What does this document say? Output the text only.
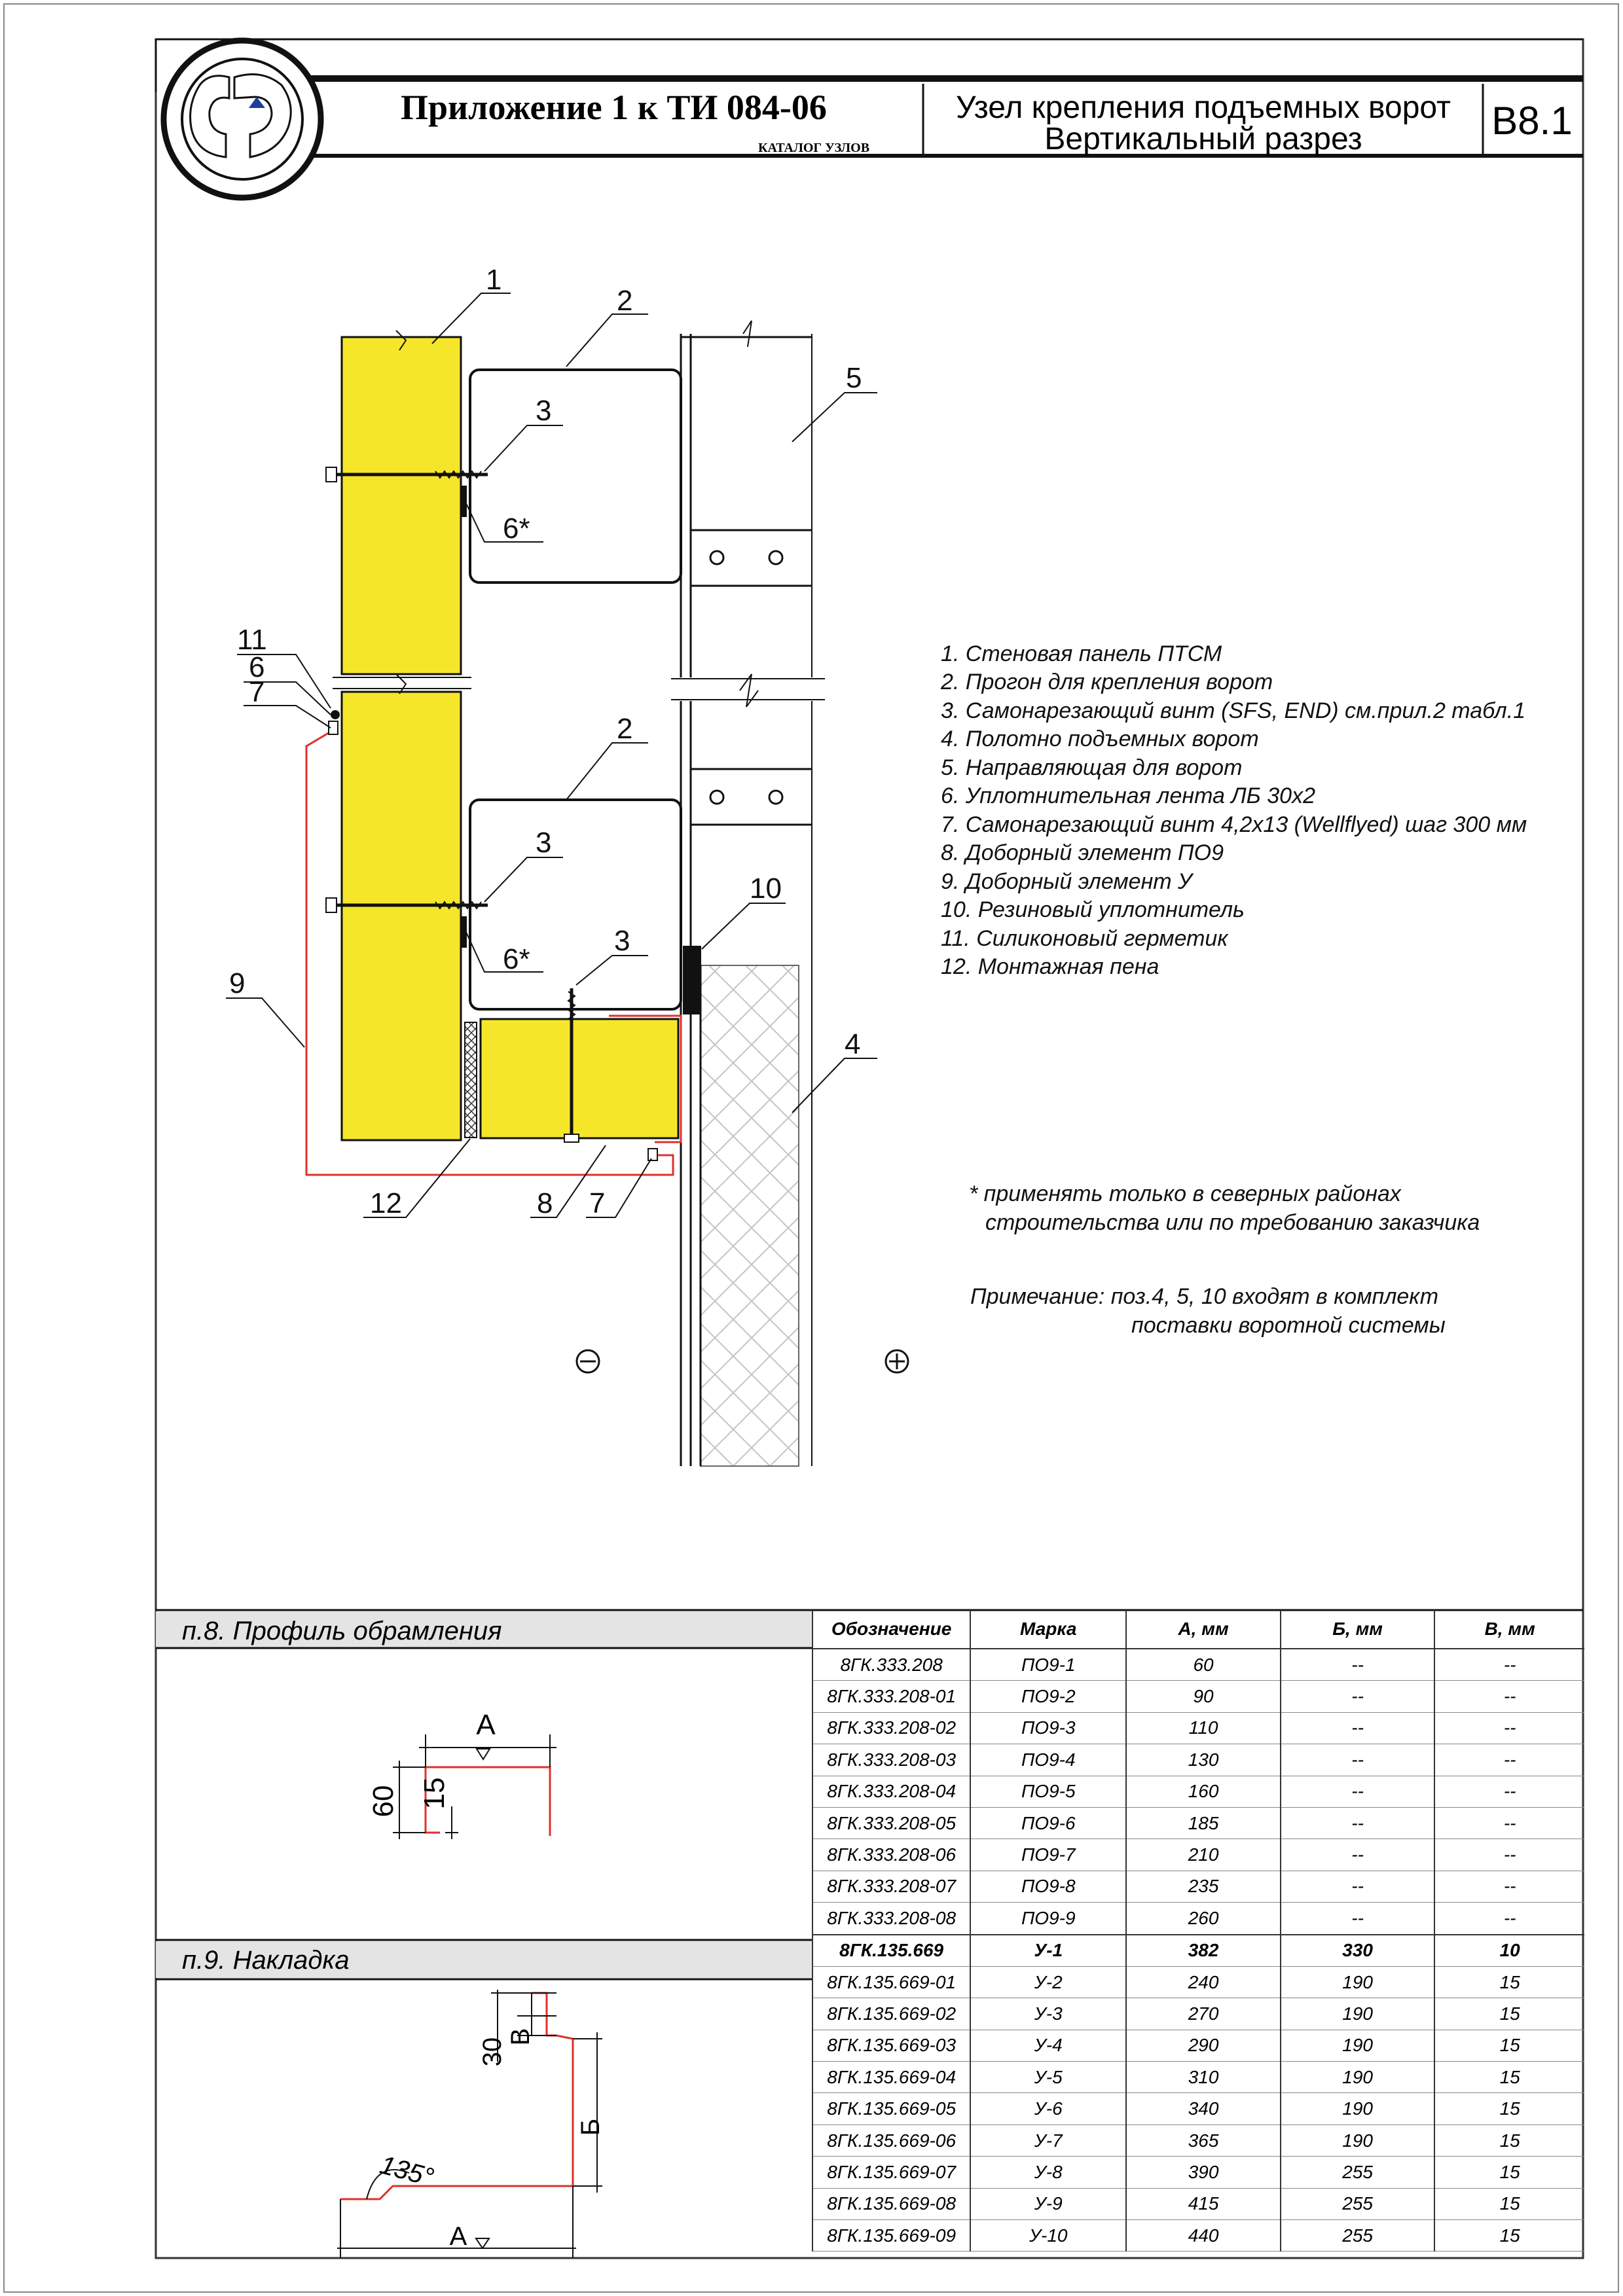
Приложение 1 к ТИ 084-06
КАТАЛОГ УЗЛОВ
Узел крепления подъемных ворот
Вертикальный разрез	В8.1
1
2
5
3
6*
11
6
7
2
3
10
6*
3
9
4
12	8 7
1. Стеновая панель ПТСМ
2. Прогон для крепления ворот
3. Самонарезающий винт (SFS, END) см.прил.2 табл.1
4. Полотно подъемных ворот
5. Направляющая для ворот
6. Уплотнительная лента ЛБ 30х2
7. Самонарезающий винт 4,2х13 (Wellflyed) шаг 300 мм
8. Доборный элемент ПО9
9. Доборный элемент У
10. Резиновый уплотнитель
11. Силиконовый герметик
12. Монтажная пена
* применять только в северных районах
строительства или по требованию заказчика
Примечание: поз.4, 5, 10 входят в комплект
поставки воротной системы
п.8. Профиль обрамления
п.9. Накладка
А
60 15
30
В
Б
А
135°
Обозначение	Марка	А, мм	Б, мм	В, мм
8ГК.333.208	ПО9-1	60	--	--
8ГК.333.208-01	ПО9-2	90	--	--
8ГК.333.208-02	ПО9-3	110	--	--
8ГК.333.208-03	ПО9-4	130	--	--
8ГК.333.208-04	ПО9-5	160	--	--
8ГК.333.208-05	ПО9-6	185	--	--
8ГК.333.208-06	ПО9-7	210	--	--
8ГК.333.208-07	ПО9-8	235	--	--
8ГК.333.208-08	ПО9-9	260	--	--
8ГК.135.669	У-1	382	330	10
8ГК.135.669-01	У-2	240	190	15
8ГК.135.669-02	У-3	270	190	15
8ГК.135.669-03	У-4	290	190	15
8ГК.135.669-04	У-5	310	190	15
8ГК.135.669-05	У-6	340	190	15
8ГК.135.669-06	У-7	365	190	15
8ГК.135.669-07	У-8	390	255	15
8ГК.135.669-08	У-9	415	255	15
8ГК.135.669-09	У-10	440	255	15
